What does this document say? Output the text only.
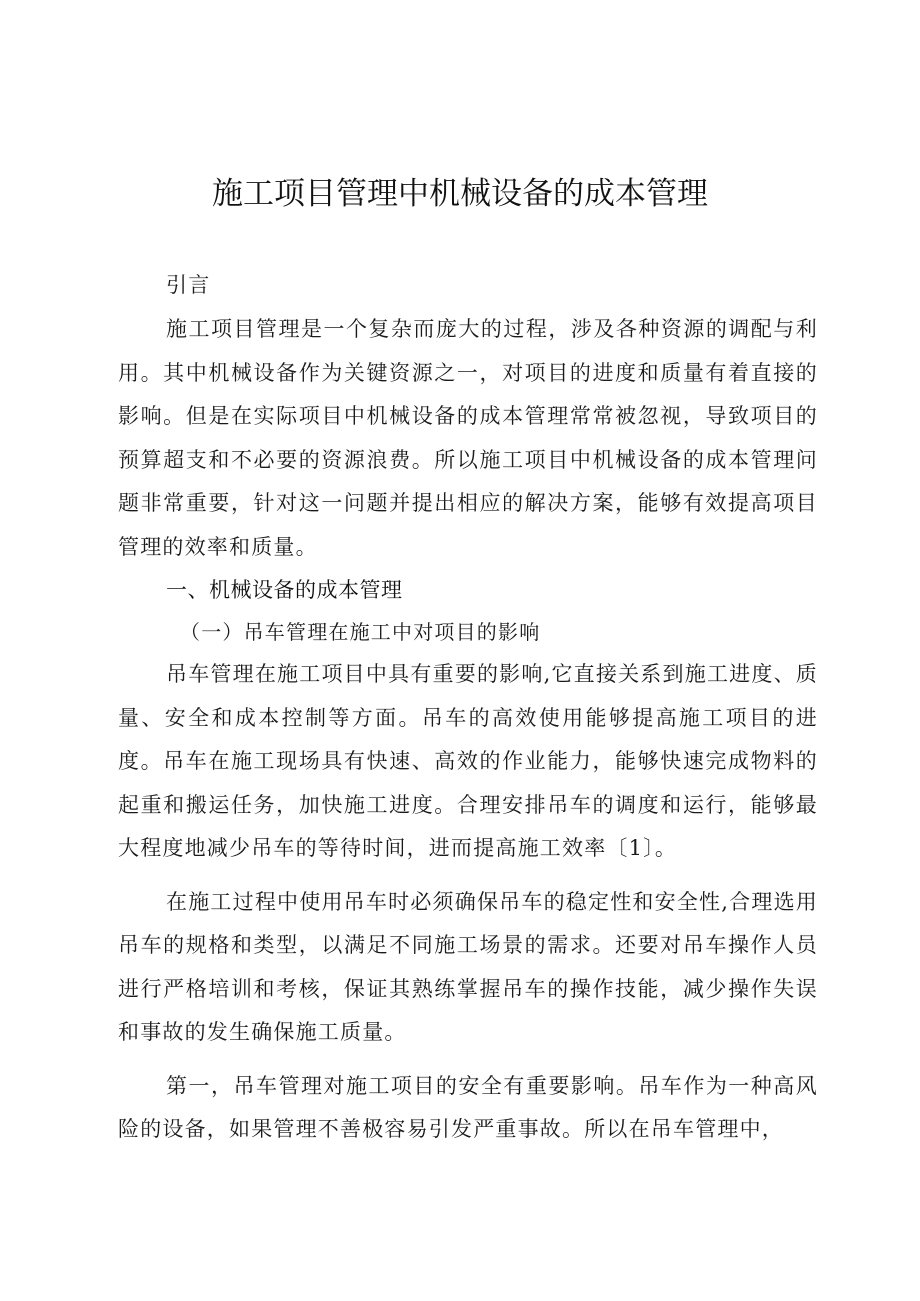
施工项目管理中机械设备的成本管理

引言

施工项目管理是一个复杂而庞大的过程，涉及各种资源的调配与利用。其中机械设备作为关键资源之一，对项目的进度和质量有着直接的影响。但是在实际项目中机械设备的成本管理常常被忽视，导致项目的预算超支和不必要的资源浪费。所以施工项目中机械设备的成本管理问题非常重要，针对这一问题并提出相应的解决方案，能够有效提高项目管理的效率和质量。

一、机械设备的成本管理

（一）吊车管理在施工中对项目的影响

吊车管理在施工项目中具有重要的影响,它直接关系到施工进度、质量、安全和成本控制等方面。吊车的高效使用能够提高施工项目的进度。吊车在施工现场具有快速、高效的作业能力，能够快速完成物料的起重和搬运任务，加快施工进度。合理安排吊车的调度和运行，能够最大程度地减少吊车的等待时间，进而提高施工效率〔1〕。

在施工过程中使用吊车时必须确保吊车的稳定性和安全性,合理选用吊车的规格和类型，以满足不同施工场景的需求。还要对吊车操作人员进行严格培训和考核，保证其熟练掌握吊车的操作技能，减少操作失误和事故的发生确保施工质量。

第一，吊车管理对施工项目的安全有重要影响。吊车作为一种高风险的设备，如果管理不善极容易引发严重事故。所以在吊车管理中，
